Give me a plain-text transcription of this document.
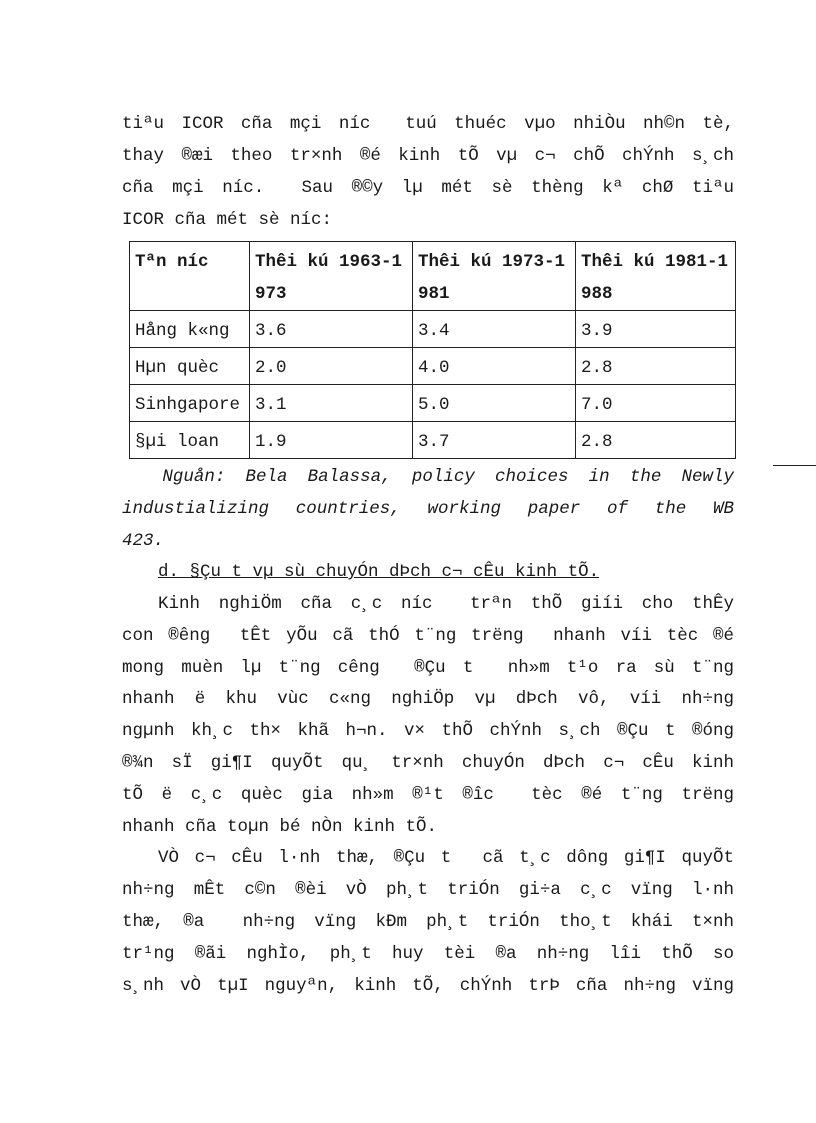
tiªu ICOR cña mçi níc  tuú thuéc vµo nhiÒu nh©n tè,
thay ®æi theo tr×nh ®é kinh tÕ vµ c¬ chÕ chÝnh s¸ch
cña mçi níc.  Sau ®©y lµ mét sè thèng kª chØ tiªu
ICOR cña mét sè níc:
Tªn níc	Thêi kú 1963-1973	Thêi kú 1973-1981	Thêi kú 1981-1988
Hång k«ng	3.6	3.4	3.9
Hµn quèc	2.0	4.0	2.8
Sinhgapore	3.1	5.0	7.0
§µi loan	1.9	3.7	2.8
Nguån: Bela Balassa, policy choices in the Newly
industializing countries, working paper of the WB
423.
d. §Çu t vµ sù chuyÓn dÞch c¬ cÊu kinh tÕ.
Kinh nghiÖm cña c¸c níc  trªn thÕ giíi cho thÊy
con ®êng  tÊt yÕu cã thÓ t¨ng trëng  nhanh víi tèc ®é
mong muèn lµ t¨ng cêng  ®Çu t  nh»m t¹o ra sù t¨ng
nhanh ë khu vùc c«ng nghiÖp vµ dÞch vô, víi nh÷ng
ngµnh kh¸c th× khã h¬n. v× thÕ chÝnh s¸ch ®Çu t ®óng
®¾n sÏ gi¶I quyÕt qu¸ tr×nh chuyÓn dÞch c¬ cÊu kinh
tÕ ë c¸c quèc gia nh»m ®¹t ®îc  tèc ®é t¨ng trëng
nhanh cña toµn bé nÒn kinh tÕ.
VÒ c¬ cÊu l·nh thæ, ®Çu t  cã t¸c dông gi¶I quyÕt
nh÷ng mÊt c©n ®èi vÒ ph¸t triÓn gi÷a c¸c vïng l·nh
thæ, ®a  nh÷ng vïng kÐm ph¸t triÓn tho¸t khái t×nh
tr¹ng ®ãi nghÌo, ph¸t huy tèi ®a nh÷ng lîi thÕ so
s¸nh vÒ tµI nguyªn, kinh tÕ, chÝnh trÞ cña nh÷ng vïng
